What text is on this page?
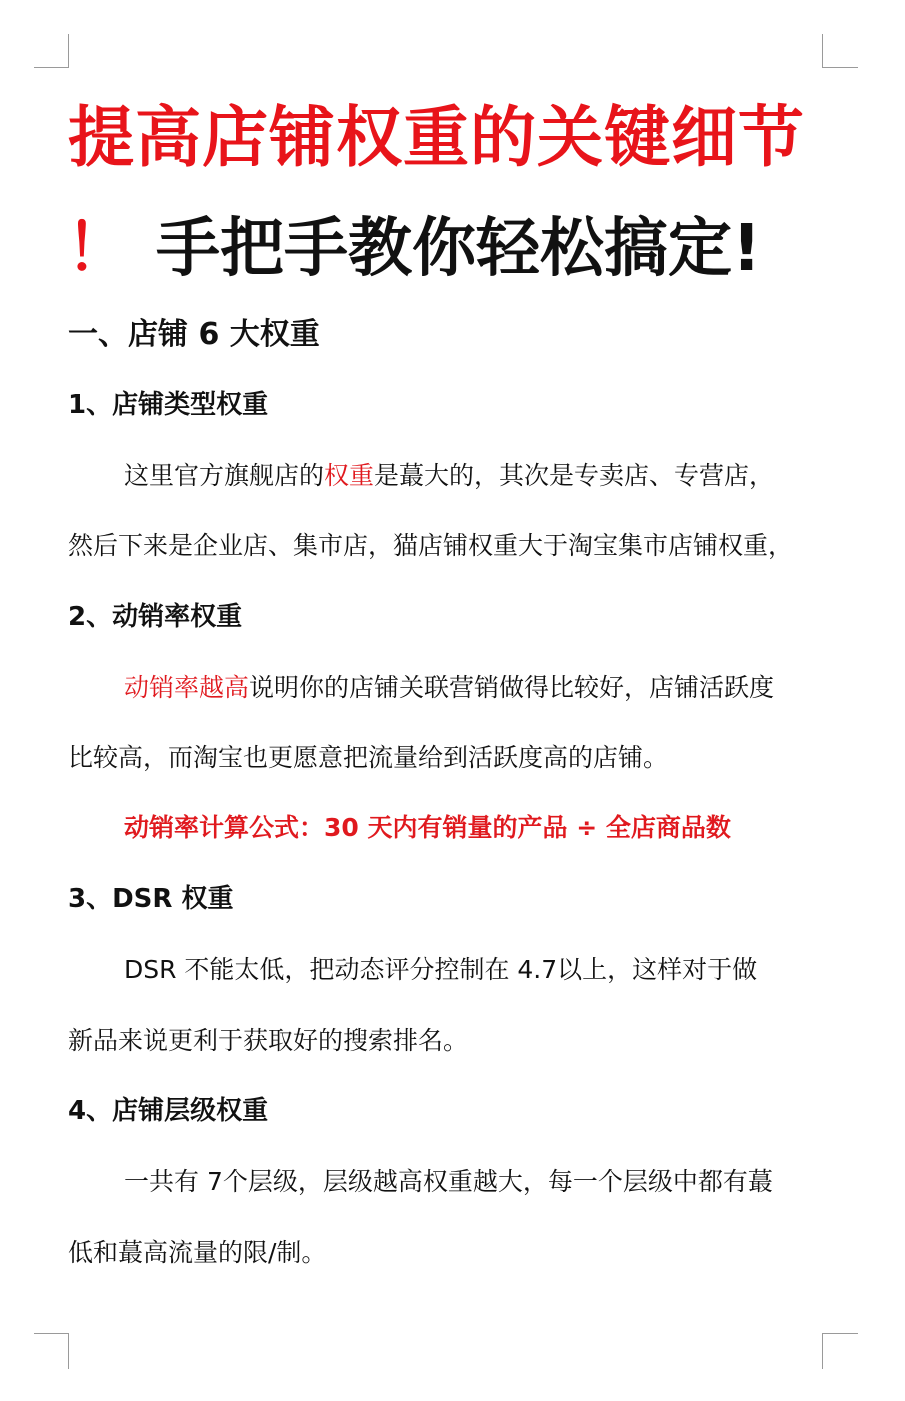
提高店铺权重的关键细节
！ 手把手教你轻松搞定!
一、店铺 6 大权重
1、店铺类型权重
这里官方旗舰店的权重是蕞大的，其次是专卖店、专营店，
然后下来是企业店、集市店，猫店铺权重大于淘宝集市店铺权重，
2、动销率权重
动销率越高说明你的店铺关联营销做得比较好，店铺活跃度
比较高，而淘宝也更愿意把流量给到活跃度高的店铺。
动销率计算公式：30 天内有销量的产品 ÷ 全店商品数
3、DSR 权重
DSR 不能太低，把动态评分控制在 4.7以上，这样对于做
新品来说更利于获取好的搜索排名。
4、店铺层级权重
一共有 7个层级，层级越高权重越大，每一个层级中都有蕞
低和蕞高流量的限/制。
